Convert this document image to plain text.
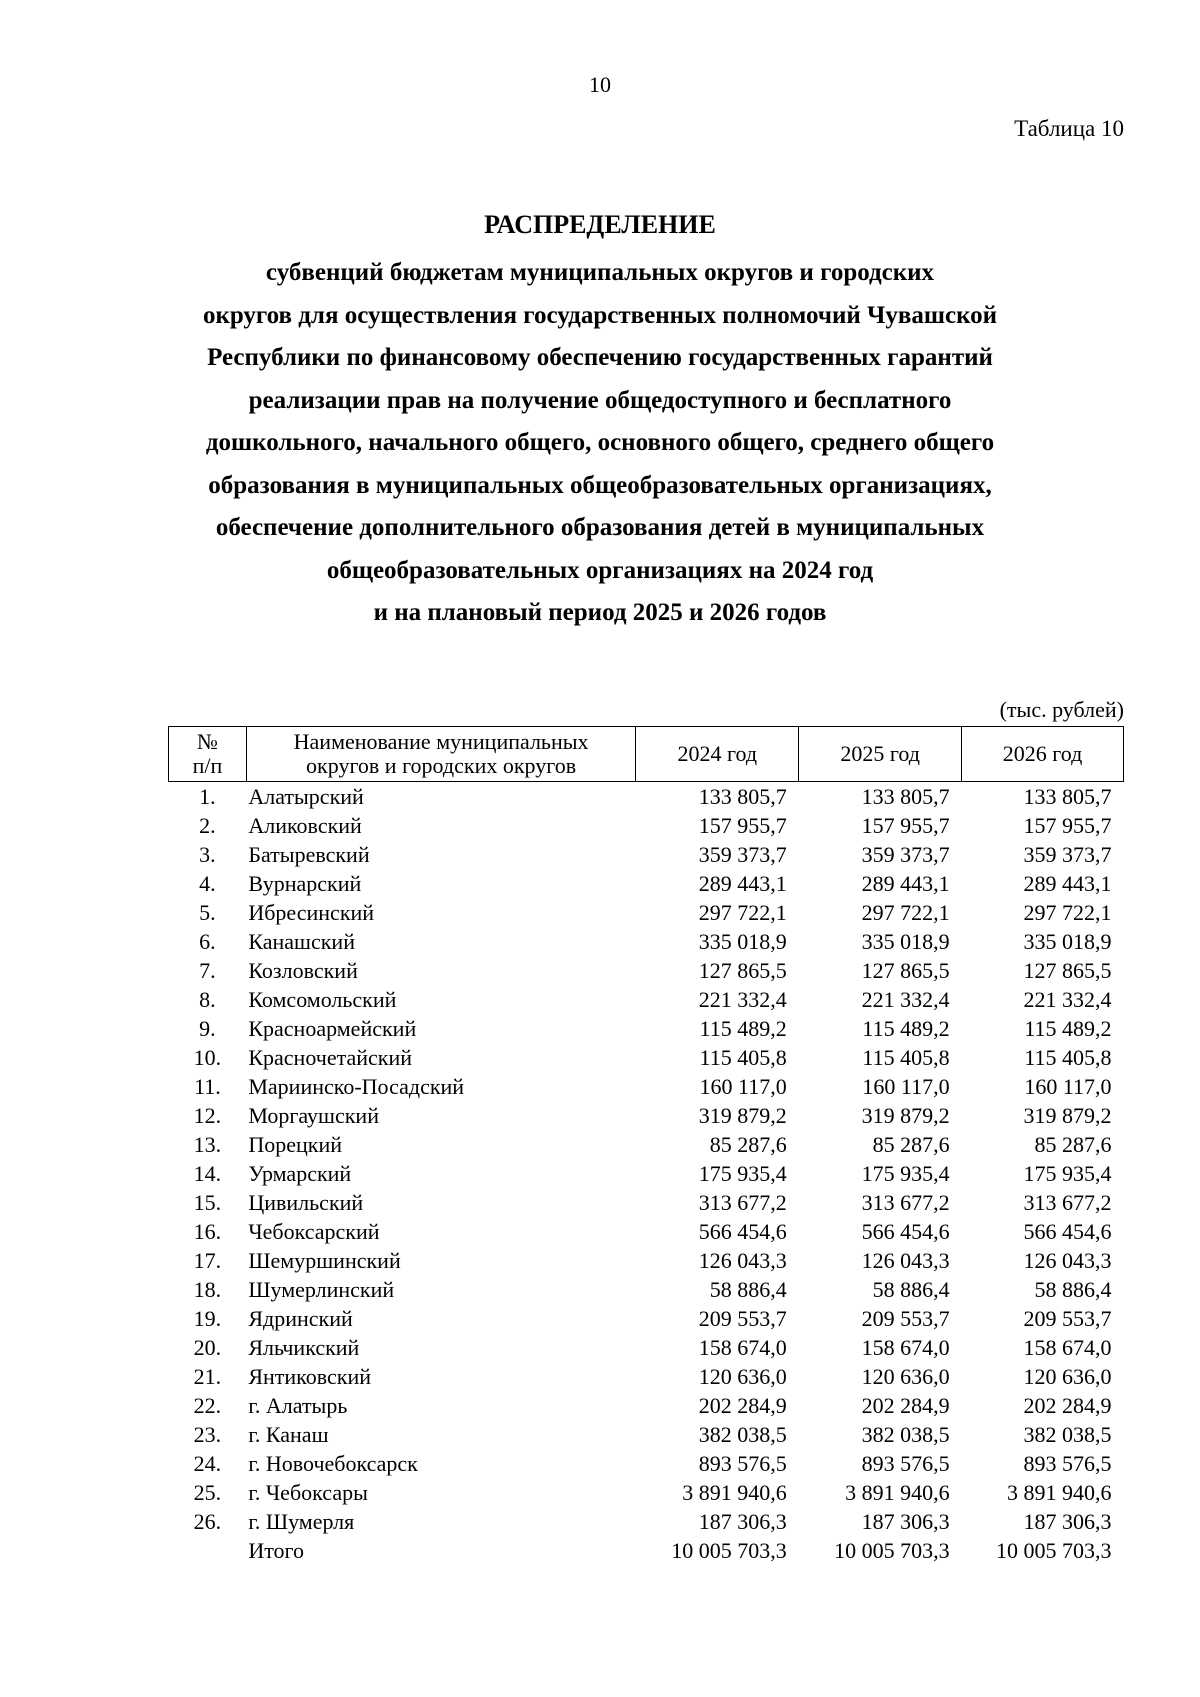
10
Таблица 10
РАСПРЕДЕЛЕНИЕ
субвенций бюджетам муниципальных округов и городских
округов для осуществления государственных полномочий Чувашской
Республики по финансовому обеспечению государственных гарантий
реализации прав на получение общедоступного и бесплатного
дошкольного, начального общего, основного общего, среднего общего
образования в муниципальных общеобразовательных организациях,
обеспечение дополнительного образования детей в муниципальных
общеобразовательных организациях на 2024 год
и на плановый период 2025 и 2026 годов
(тыс. рублей)
№
п/п	Наименование муниципальных
округов и городских округов	2024 год	2025 год	2026 год
1.	Алатырский	133 805,7	133 805,7	133 805,7
2.	Аликовский	157 955,7	157 955,7	157 955,7
3.	Батыревский	359 373,7	359 373,7	359 373,7
4.	Вурнарский	289 443,1	289 443,1	289 443,1
5.	Ибресинский	297 722,1	297 722,1	297 722,1
6.	Канашский	335 018,9	335 018,9	335 018,9
7.	Козловский	127 865,5	127 865,5	127 865,5
8.	Комсомольский	221 332,4	221 332,4	221 332,4
9.	Красноармейский	115 489,2	115 489,2	115 489,2
10.	Красночетайский	115 405,8	115 405,8	115 405,8
11.	Мариинско-Посадский	160 117,0	160 117,0	160 117,0
12.	Моргаушский	319 879,2	319 879,2	319 879,2
13.	Порецкий	85 287,6	85 287,6	85 287,6
14.	Урмарский	175 935,4	175 935,4	175 935,4
15.	Цивильский	313 677,2	313 677,2	313 677,2
16.	Чебоксарский	566 454,6	566 454,6	566 454,6
17.	Шемуршинский	126 043,3	126 043,3	126 043,3
18.	Шумерлинский	58 886,4	58 886,4	58 886,4
19.	Ядринский	209 553,7	209 553,7	209 553,7
20.	Яльчикский	158 674,0	158 674,0	158 674,0
21.	Янтиковский	120 636,0	120 636,0	120 636,0
22.	г. Алатырь	202 284,9	202 284,9	202 284,9
23.	г. Канаш	382 038,5	382 038,5	382 038,5
24.	г. Новочебоксарск	893 576,5	893 576,5	893 576,5
25.	г. Чебоксары	3 891 940,6	3 891 940,6	3 891 940,6
26.	г. Шумерля	187 306,3	187 306,3	187 306,3
	Итого	10 005 703,3	10 005 703,3	10 005 703,3
